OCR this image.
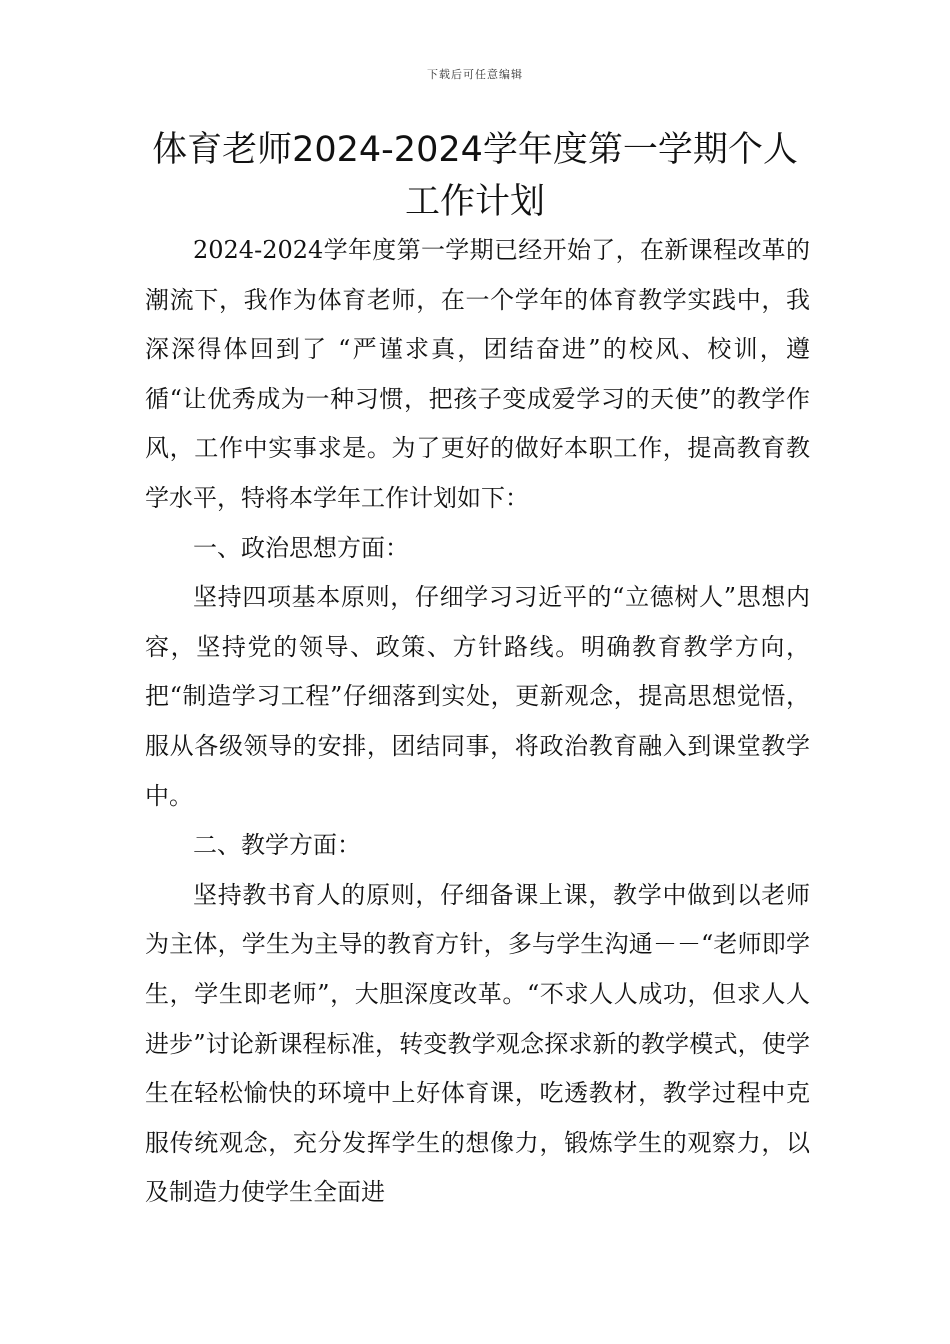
下载后可任意编辑
体育老师2024-2024学年度第一学期个人工作计划

2024-2024学年度第一学期已经开始了，在新课程改革的潮流下，我作为体育老师，在一个学年的体育教学实践中，我深深得体回到了 “严谨求真，团结奋进”的校风、校训，遵循“让优秀成为一种习惯，把孩子变成爱学习的天使”的教学作风，工作中实事求是。为了更好的做好本职工作，提高教育教学水平，特将本学年工作计划如下：

一、政治思想方面：

坚持四项基本原则，仔细学习习近平的“立德树人”思想内容，坚持党的领导、政策、方针路线。明确教育教学方向，把“制造学习工程”仔细落到实处，更新观念，提高思想觉悟，服从各级领导的安排，团结同事，将政治教育融入到课堂教学中。

二、教学方面：

坚持教书育人的原则，仔细备课上课，教学中做到以老师为主体，学生为主导的教育方针，多与学生沟通－－“老师即学生，学生即老师”，大胆深度改革。“不求人人成功，但求人人进步”讨论新课程标准，转变教学观念探求新的教学模式，使学生在轻松愉快的环境中上好体育课，吃透教材，教学过程中克服传统观念，充分发挥学生的想像力，锻炼学生的观察力，以及制造力使学生全面进
